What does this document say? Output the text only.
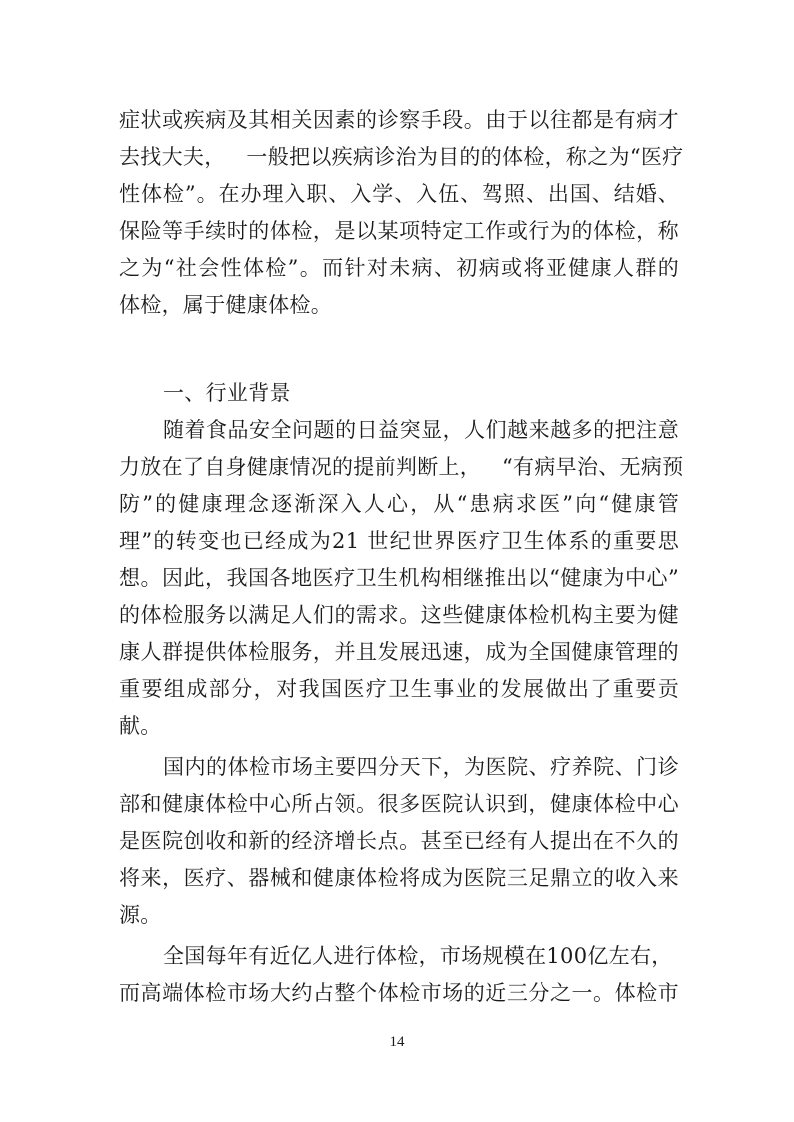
症状或疾病及其相关因素的诊察手段。由于以往都是有病才
去找大夫，   一般把以疾病诊治为目的的体检，称之为“医疗
性体检”。在办理入职、入学、入伍、驾照、出国、结婚、
保险等手续时的体检，是以某项特定工作或行为的体检，称
之为“社会性体检”。而针对未病、初病或将亚健康人群的
体检，属于健康体检。
一、行业背景
随着食品安全问题的日益突显，人们越来越多的把注意
力放在了自身健康情况的提前判断上，   “有病早治、无病预
防”的健康理念逐渐深入人心，从“患病求医”向“健康管
理”的转变也已经成为21 世纪世界医疗卫生体系的重要思
想。因此，我国各地医疗卫生机构相继推出以“健康为中心”
的体检服务以满足人们的需求。这些健康体检机构主要为健
康人群提供体检服务，并且发展迅速，成为全国健康管理的
重要组成部分，对我国医疗卫生事业的发展做出了重要贡
献。
国内的体检市场主要四分天下，为医院、疗养院、门诊
部和健康体检中心所占领。很多医院认识到，健康体检中心
是医院创收和新的经济增长点。甚至已经有人提出在不久的
将来，医疗、器械和健康体检将成为医院三足鼎立的收入来
源。
全国每年有近亿人进行体检，市场规模在100亿左右，
而高端体检市场大约占整个体检市场的近三分之一。体检市
14
